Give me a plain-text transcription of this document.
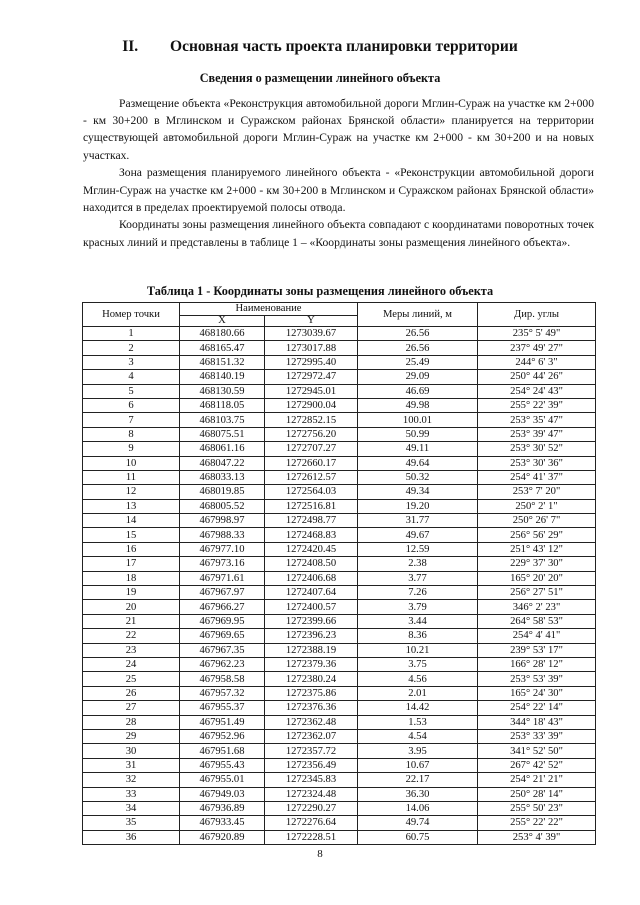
II. Основная часть проекта планировки территории
Сведения о размещении линейного объекта

Размещение объекта «Реконструкция автомобильной дороги Мглин-Сураж на участке км 2+000 - км 30+200 в Мглинском и Суражском районах Брянской области» планируется на территории существующей автомобильной дороги Мглин-Сураж на участке км 2+000 - км 30+200 и на новых участках.

Зона размещения планируемого линейного объекта - «Реконструкции автомобильной дороги Мглин-Сураж на участке км 2+000 - км 30+200 в Мглинском и Суражском районах Брянской области» находится в пределах проектируемой полосы отвода.

Координаты зоны размещения линейного объекта совпадают с координатами поворотных точек красных линий и представлены в таблице 1 – «Координаты зоны размещения линейного объекта».

Таблица 1 - Координаты зоны размещения линейного объекта
Номер точки	Наименование		Меры линий, м	Дир. углы
	X	Y		
1	468180.66	1273039.67	26.56	235° 5' 49"
2	468165.47	1273017.88	26.56	237° 49' 27"
3	468151.32	1272995.40	25.49	244° 6' 3"
4	468140.19	1272972.47	29.09	250° 44' 26"
5	468130.59	1272945.01	46.69	254° 24' 43"
6	468118.05	1272900.04	49.98	255° 22' 39"
7	468103.75	1272852.15	100.01	253° 35' 47"
8	468075.51	1272756.20	50.99	253° 39' 47"
9	468061.16	1272707.27	49.11	253° 30' 52"
10	468047.22	1272660.17	49.64	253° 30' 36"
11	468033.13	1272612.57	50.32	254° 41' 37"
12	468019.85	1272564.03	49.34	253° 7' 20"
13	468005.52	1272516.81	19.20	250° 2' 1"
14	467998.97	1272498.77	31.77	250° 26' 7"
15	467988.33	1272468.83	49.67	256° 56' 29"
16	467977.10	1272420.45	12.59	251° 43' 12"
17	467973.16	1272408.50	2.38	229° 37' 30"
18	467971.61	1272406.68	3.77	165° 20' 20"
19	467967.97	1272407.64	7.26	256° 27' 51"
20	467966.27	1272400.57	3.79	346° 2' 23"
21	467969.95	1272399.66	3.44	264° 58' 53"
22	467969.65	1272396.23	8.36	254° 4' 41"
23	467967.35	1272388.19	10.21	239° 53' 17"
24	467962.23	1272379.36	3.75	166° 28' 12"
25	467958.58	1272380.24	4.56	253° 53' 39"
26	467957.32	1272375.86	2.01	165° 24' 30"
27	467955.37	1272376.36	14.42	254° 22' 14"
28	467951.49	1272362.48	1.53	344° 18' 43"
29	467952.96	1272362.07	4.54	253° 33' 39"
30	467951.68	1272357.72	3.95	341° 52' 50"
31	467955.43	1272356.49	10.67	267° 42' 52"
32	467955.01	1272345.83	22.17	254° 21' 21"
33	467949.03	1272324.48	36.30	250° 28' 14"
34	467936.89	1272290.27	14.06	255° 50' 23"
35	467933.45	1272276.64	49.74	255° 22' 22"
36	467920.89	1272228.51	60.75	253° 4' 39"
8
